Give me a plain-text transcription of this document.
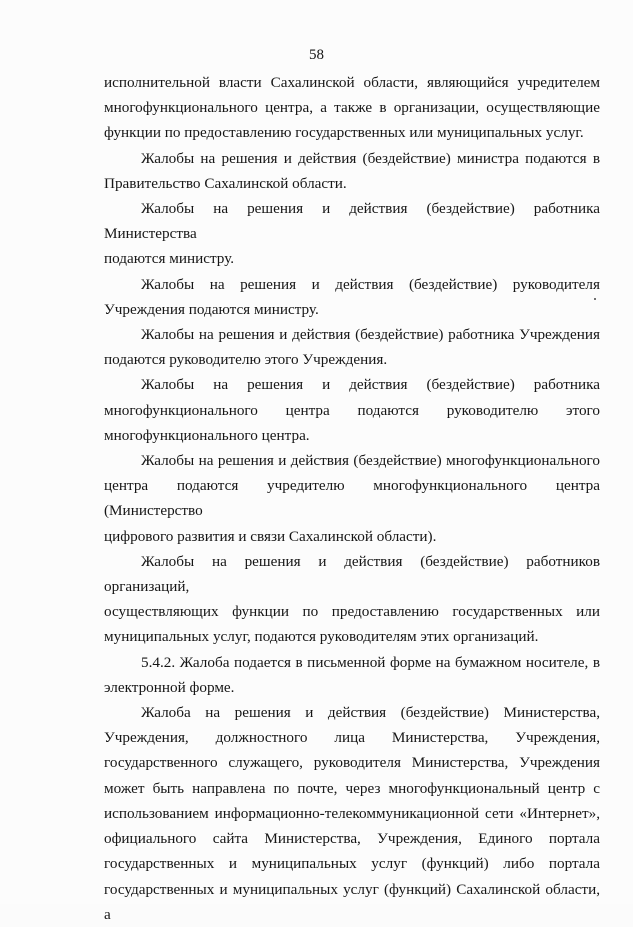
58

исполнительной власти Сахалинской области, являющийся учредителем

многофункционального центра, а также в организации, осуществляющие

функции по предоставлению государственных или муниципальных услуг.

Жалобы на решения и действия (бездействие) министра подаются в

Правительство Сахалинской области.

Жалобы на решения и действия (бездействие) работника Министерства

подаются министру.

Жалобы на решения и действия (бездействие) руководителя

Учреждения подаются министру.

Жалобы на решения и действия (бездействие) работника Учреждения

подаются руководителю этого Учреждения.

Жалобы на решения и действия (бездействие) работника

многофункционального центра подаются руководителю этого

многофункционального центра.

Жалобы на решения и действия (бездействие) многофункционального

центра подаются учредителю многофункционального центра (Министерство

цифрового развития и связи Сахалинской области).

Жалобы на решения и действия (бездействие) работников организаций,

осуществляющих функции по предоставлению государственных или

муниципальных услуг, подаются руководителям этих организаций.

5.4.2. Жалоба подается в письменной форме на бумажном носителе, в

электронной форме.

Жалоба на решения и действия (бездействие) Министерства,

Учреждения, должностного лица Министерства, Учреждения,

государственного служащего, руководителя Министерства, Учреждения

может быть направлена по почте, через многофункциональный центр с

использованием информационно-телекоммуникационной сети «Интернет»,

официального сайта Министерства, Учреждения, Единого портала

государственных и муниципальных услуг (функций) либо портала

государственных и муниципальных услуг (функций) Сахалинской области, а
